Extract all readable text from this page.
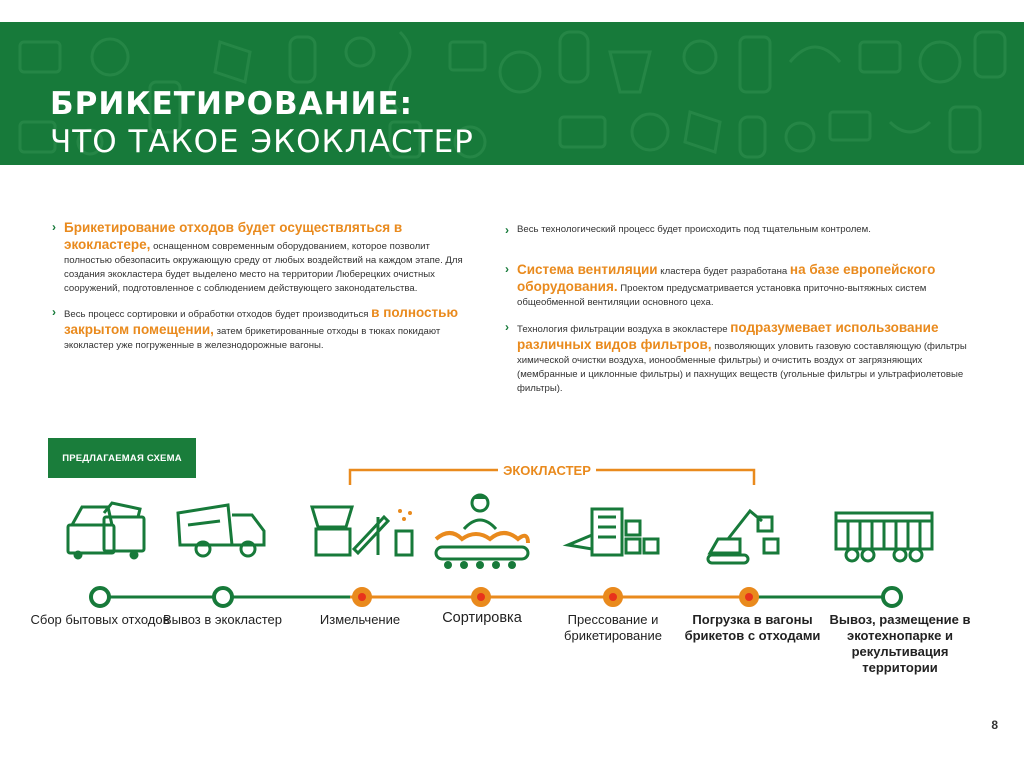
БРИКЕТИРОВАНИЕ:
ЧТО ТАКОЕ ЭКОКЛАСТЕР
› Брикетирование отходов будет осуществляться в экокластере, оснащенном современным оборудованием, которое позволит полностью обезопасить окружающую среду от любых воздействий на каждом этапе. Для создания экокластера будет выделено место на территории Люберецких очистных сооружений, подготовленное с соблюдением действующего законодательства.
› Весь процесс сортировки и обработки отходов будет производиться в полностью закрытом помещении, затем брикетированные отходы в тюках покидают экокластер уже погруженные в железнодорожные вагоны.
› Весь технологический процесс будет происходить под тщательным контролем.
› Система вентиляции кластера будет разработана на базе европейского оборудования. Проектом предусматривается установка приточно-вытяжных систем общеобменной вентиляции основного цеха.
› Технология фильтрации воздуха в экокластере подразумевает использование различных видов фильтров, позволяющих уловить газовую составляющую (фильтры химической очистки воздуха, ионообменные фильтры) и очистить воздух от загрязняющих (мембранные и циклонные фильтры) и пахнущих веществ (угольные фильтры и ультрафиолетовые фильтры).
ПРЕДЛАГАЕМАЯ СХЕМА
ЭКОКЛАСТЕР
Сбор бытовых отходов
Вывоз в экокластер	Измельчение	Сортировка	Прессование и брикетирование
Погрузка в вагоны брикетов с отходами
Вывоз, размещение в экотехнопарке и рекультивация территории
8
